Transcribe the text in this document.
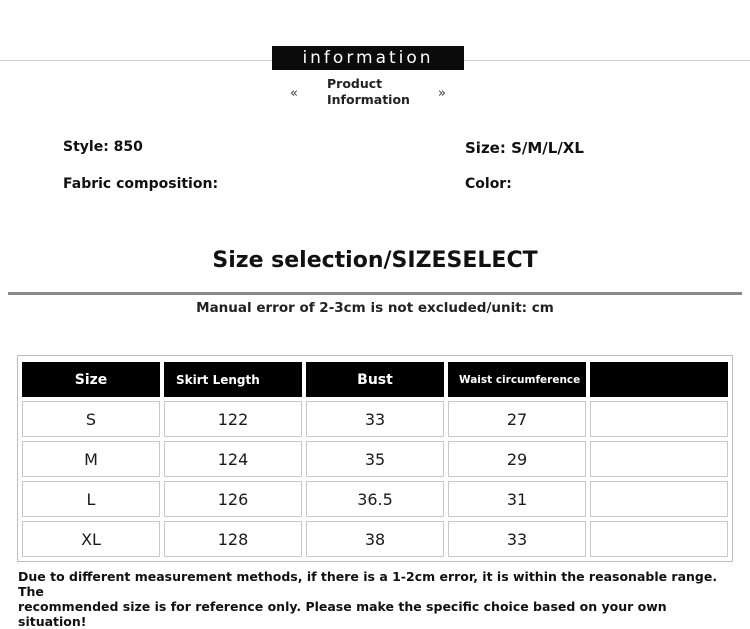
information
«
Product
Information »
Style: 850	Size: S/M/L/XL
Fabric composition:	Color:
Size selection/SIZESELECT
Manual error of 2-3cm is not excluded/unit: cm
Size	Skirt Length	Bust	Waist circumference
S	122	33	27
M	124	35	29
L	126	36.5	31
XL	128	38	33
Due to different measurement methods, if there is a 1-2cm error, it is within the reasonable range. The
recommended size is for reference only. Please make the specific choice based on your own situation!
